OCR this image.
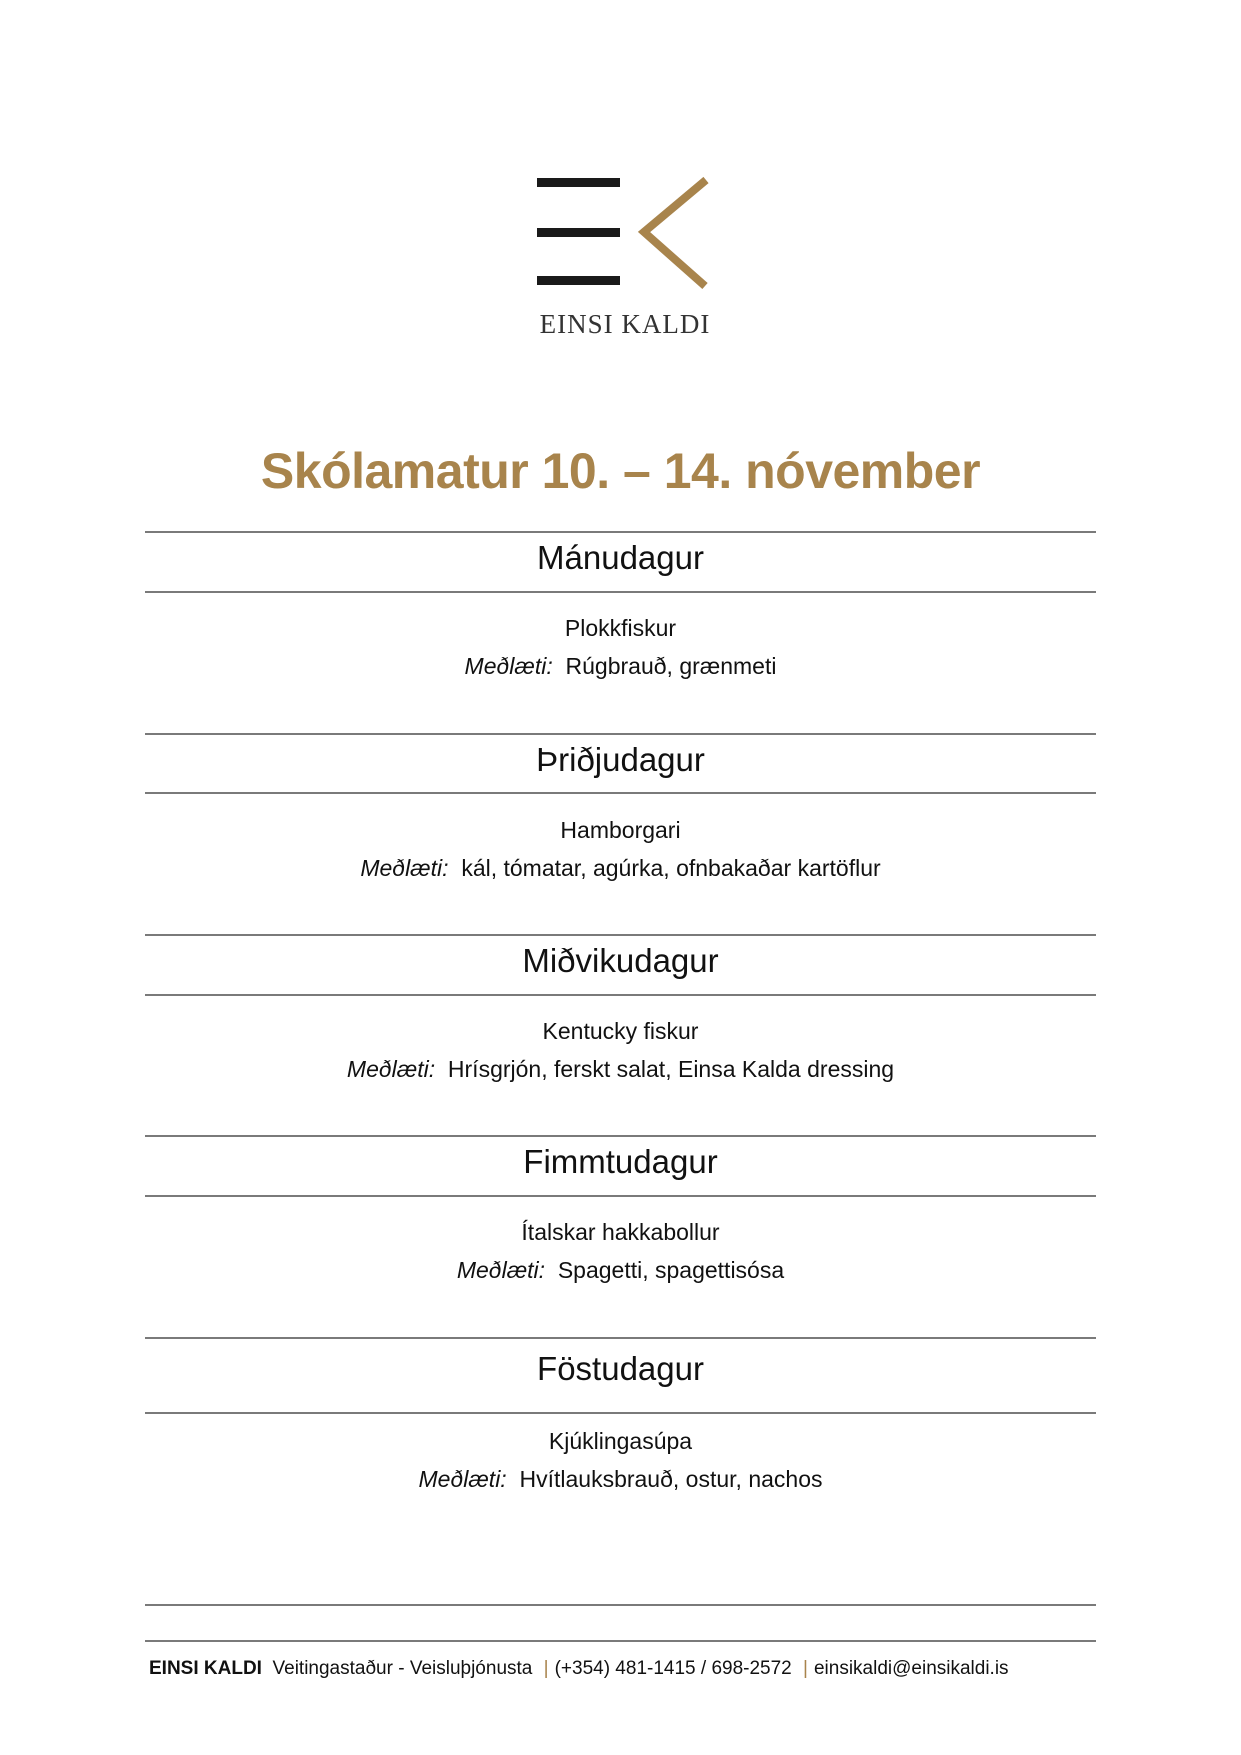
EINSI KALDI
Skólamatur 10. – 14. nóvember
Mánudagur
Plokkfiskur
Meðlæti: Rúgbrauð, grænmeti
Þriðjudagur
Hamborgari
Meðlæti: kál, tómatar, agúrka, ofnbakaðar kartöflur
Miðvikudagur
Kentucky fiskur
Meðlæti: Hrísgrjón, ferskt salat, Einsa Kalda dressing
Fimmtudagur
Ítalskar hakkabollur
Meðlæti: Spagetti, spagettisósa
Föstudagur
Kjúklingasúpa
Meðlæti: Hvítlauksbrauð, ostur, nachos
EINSI KALDI Veitingastaður - Veisluþjónusta | (+354) 481-1415 / 698-2572 | einsikaldi@einsikaldi.is
